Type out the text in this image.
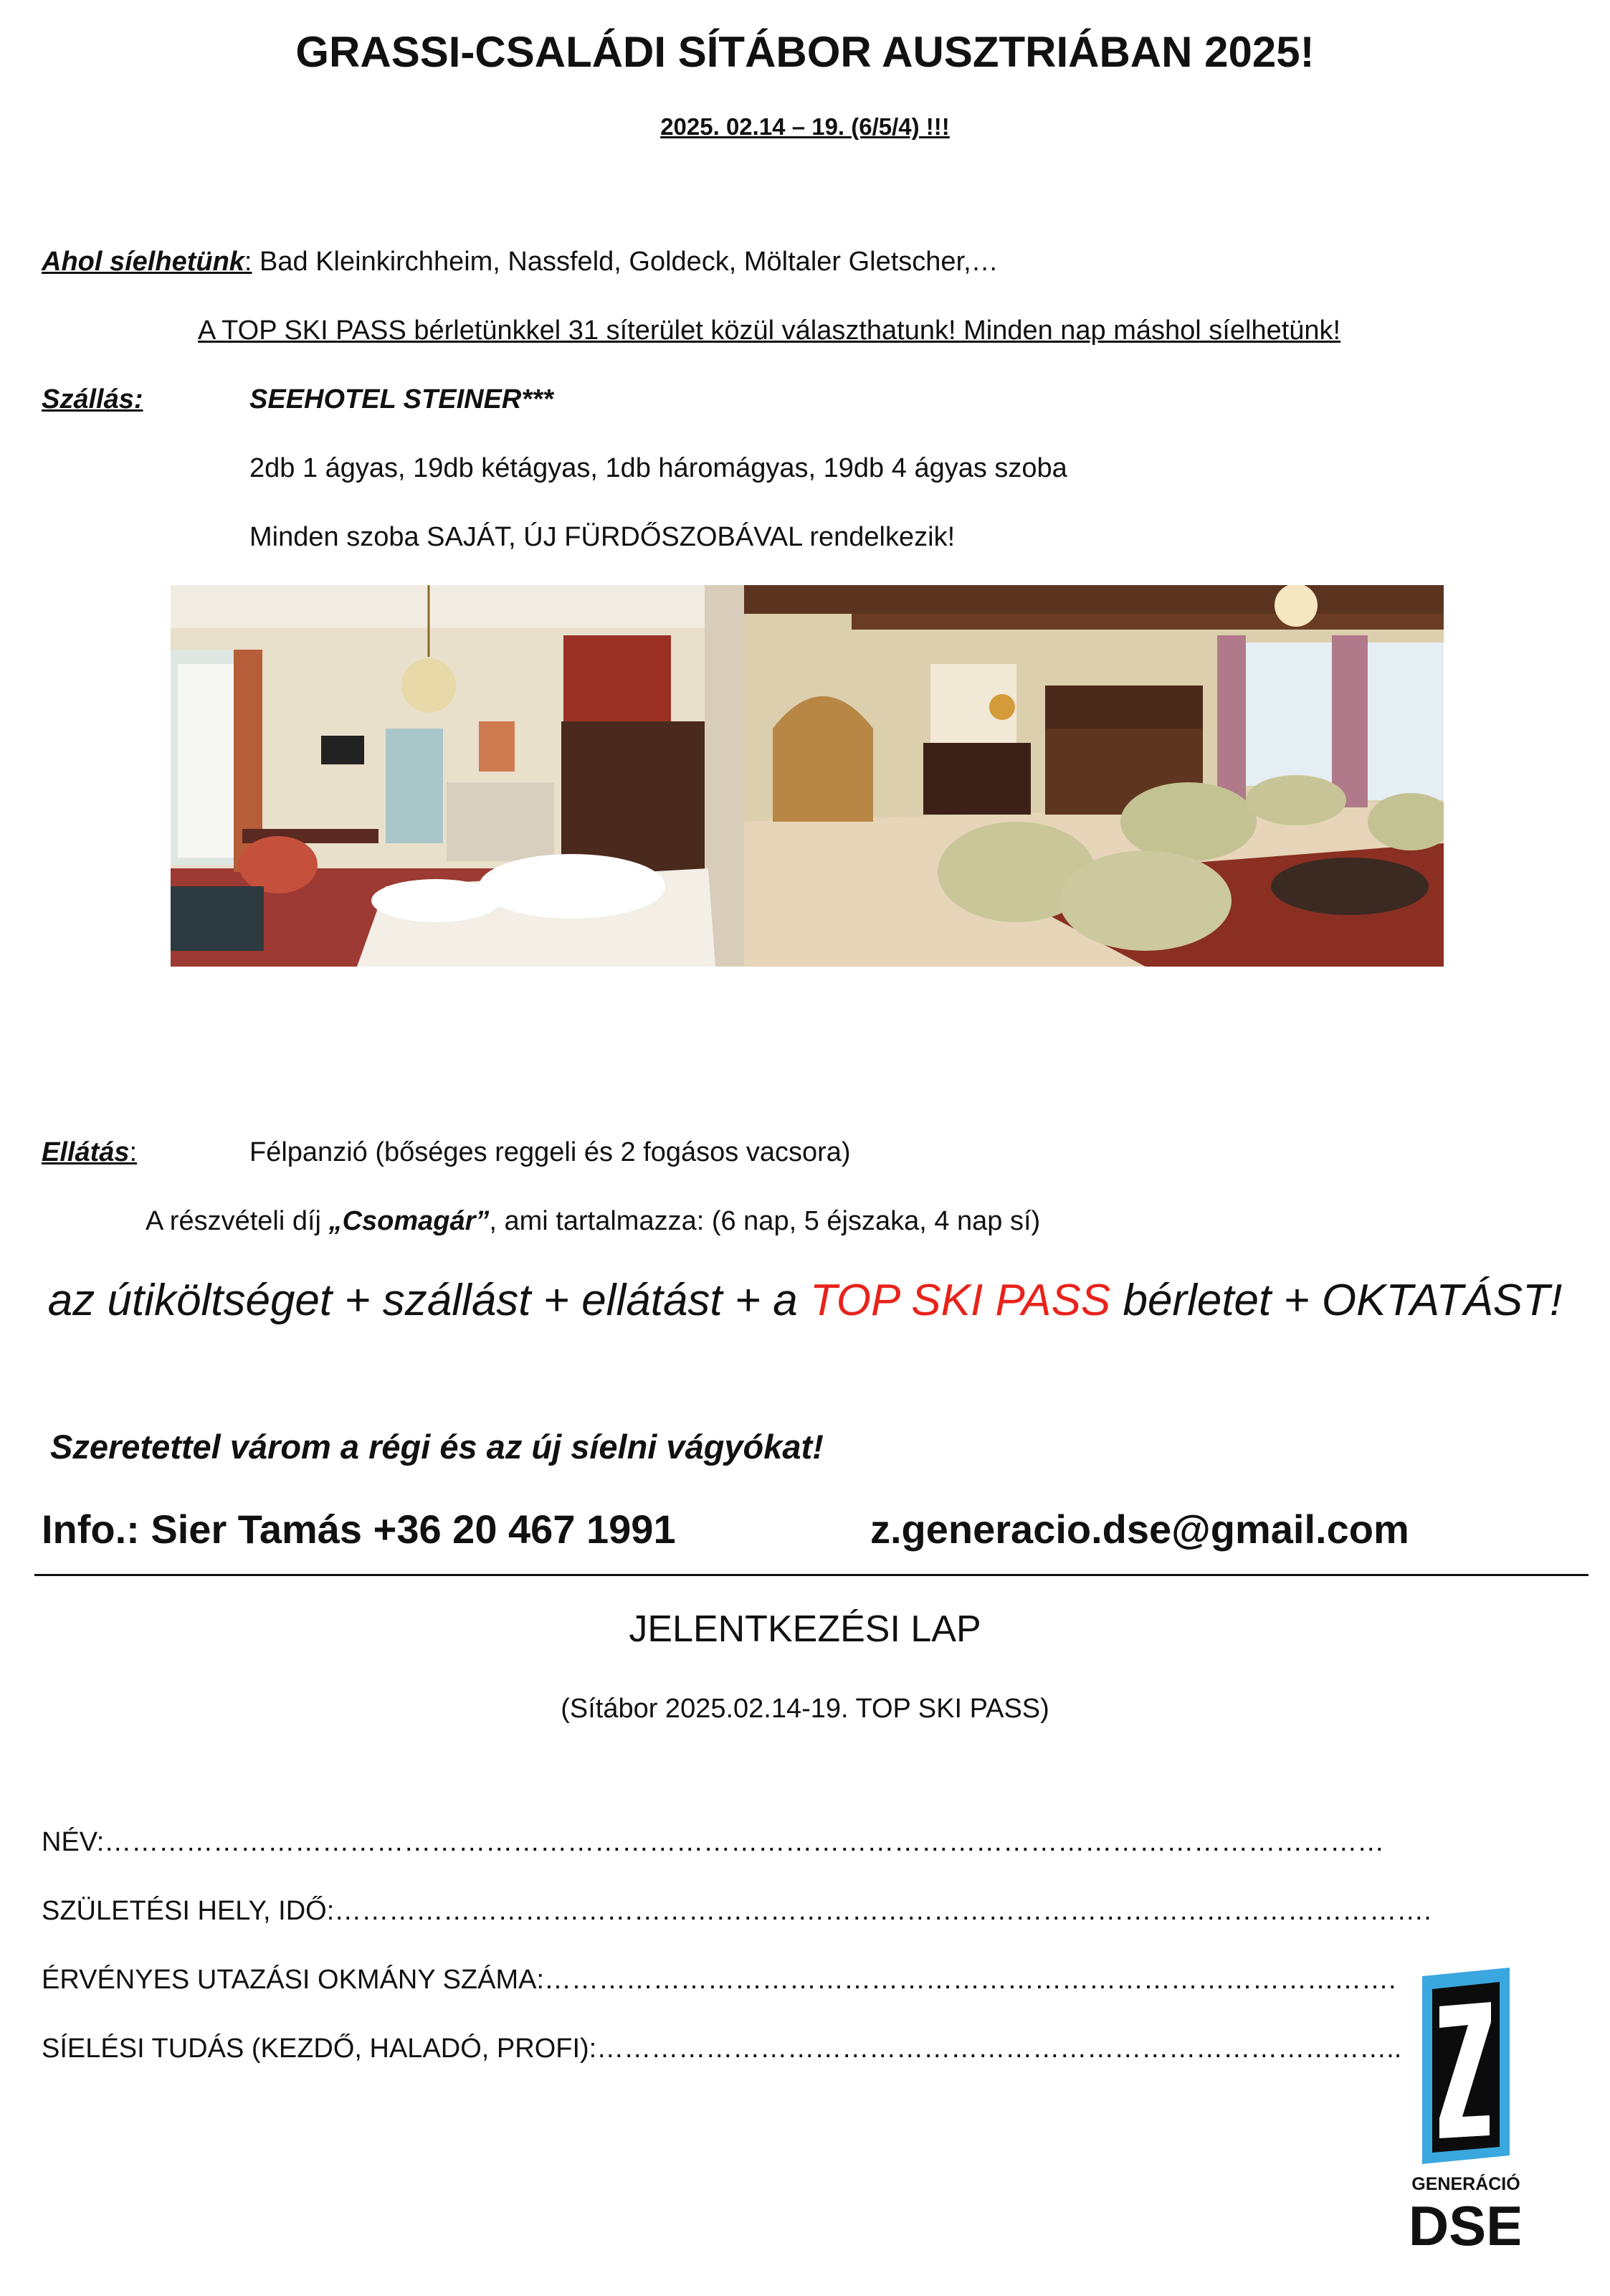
GRASSI-CSALÁDI SÍTÁBOR AUSZTRIÁBAN 2025!
2025. 02.14 – 19. (6/5/4) !!!
Ahol síelhetünk: Bad Kleinkirchheim, Nassfeld, Goldeck, Möltaler Gletscher,…
A TOP SKI PASS bérletünkkel 31 síterület közül választhatunk! Minden nap máshol síelhetünk!
Szállás:	SEEHOTEL STEINER***
2db 1 ágyas, 19db kétágyas, 1db háromágyas, 19db 4 ágyas szoba
Minden szoba SAJÁT, ÚJ FÜRDŐSZOBÁVAL rendelkezik!
Ellátás:	Félpanzió (bőséges reggeli és 2 fogásos vacsora)
A részvételi díj „Csomagár”, ami tartalmazza: (6 nap, 5 éjszaka, 4 nap sí)
az útiköltséget + szállást + ellátást + a TOP SKI PASS bérletet + OKTATÁST!
Szeretettel várom a régi és az új síelni vágyókat!
Info.: Sier Tamás +36 20 467 1991	z.generacio.dse@gmail.com
JELENTKEZÉSI LAP
(Sítábor 2025.02.14-19. TOP SKI PASS)
NÉV:……………………………………………………………………………………………………………………………
SZÜLETÉSI HELY, IDŐ:………………………………………………………………………………………………………….
ÉRVÉNYES UTAZÁSI OKMÁNY SZÁMA:………………………………………………………………………………….
SÍELÉSI TUDÁS (KEZDŐ, HALADÓ, PROFI):……………………………………………………………………………..
GENERÁCIÓ
DSE
